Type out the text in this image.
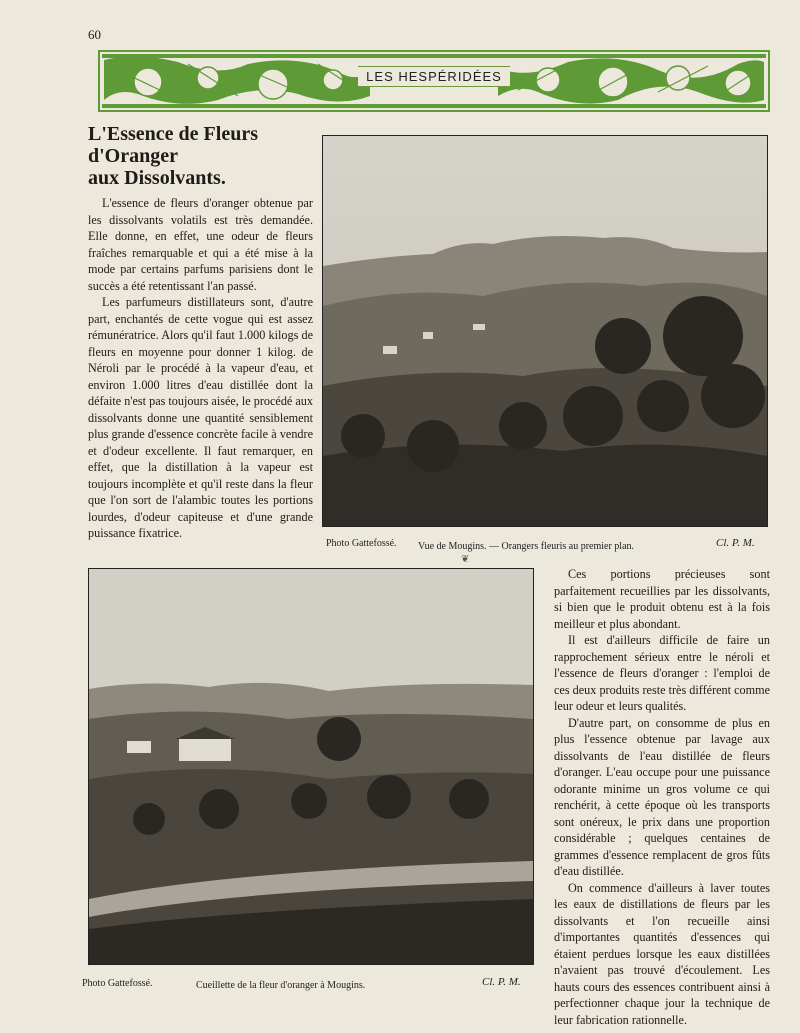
60
LES HESPÉRIDÉES
L'Essence de Fleurs
d'Oranger
aux Dissolvants.

L'essence de fleurs d'oranger obtenue par les dissolvants volatils est très demandée. Elle donne, en effet, une odeur de fleurs fraîches remarquable et qui a été mise à la mode par certains parfums parisiens dont le succès a été retentissant l'an passé.

Les parfumeurs distillateurs sont, d'autre part, enchantés de cette vogue qui est assez rémunératrice. Alors qu'il faut 1.000 kilogs de fleurs en moyenne pour donner 1 kilog. de Néroli par le procédé à la vapeur d'eau, et environ 1.000 litres d'eau distillée dont la défaite n'est pas toujours aisée, le procédé aux dissolvants donne une quantité sensiblement plus grande d'essence concrète facile à vendre et d'odeur excellente. Il faut remarquer, en effet, que la distillation à la vapeur est toujours incomplète et qu'il reste dans la fleur que l'on sort de l'alambic toutes les portions lourdes, d'odeur capiteuse et d'une grande puissance fixatrice.

Photo Gattefossé. Vue de Mougins. — Orangers fleuris au premier plan.	Cl. P. M.
❦
Photo Gattefossé.	Cueillette de la fleur d'oranger à Mougins.	Cl. P. M.

Ces portions précieuses sont parfaitement recueillies par les dissolvants, si bien que le produit obtenu est à la fois meilleur et plus abondant.

Il est d'ailleurs difficile de faire un rapprochement sérieux entre le néroli et l'essence de fleurs d'oranger : l'emploi de ces deux produits reste très différent comme leur odeur et leurs qualités.

D'autre part, on consomme de plus en plus l'essence obtenue par lavage aux dissolvants de l'eau distillée de fleurs d'oranger. L'eau occupe pour une puissance odorante minime un gros volume ce qui renchérit, à cette époque où les transports sont onéreux, le prix dans une proportion considérable ; quelques centaines de grammes d'essence remplacent de gros fûts d'eau distillée.

On commence d'ailleurs à laver toutes les eaux de distillations de fleurs par les dissolvants et l'on recueille ainsi d'importantes quantités d'essences qui étaient perdues lorsque les eaux distillées n'avaient pas trouvé d'écoulement. Les hauts cours des essences contribuent ainsi à perfectionner chaque jour la technique de leur fabrication rationnelle.
